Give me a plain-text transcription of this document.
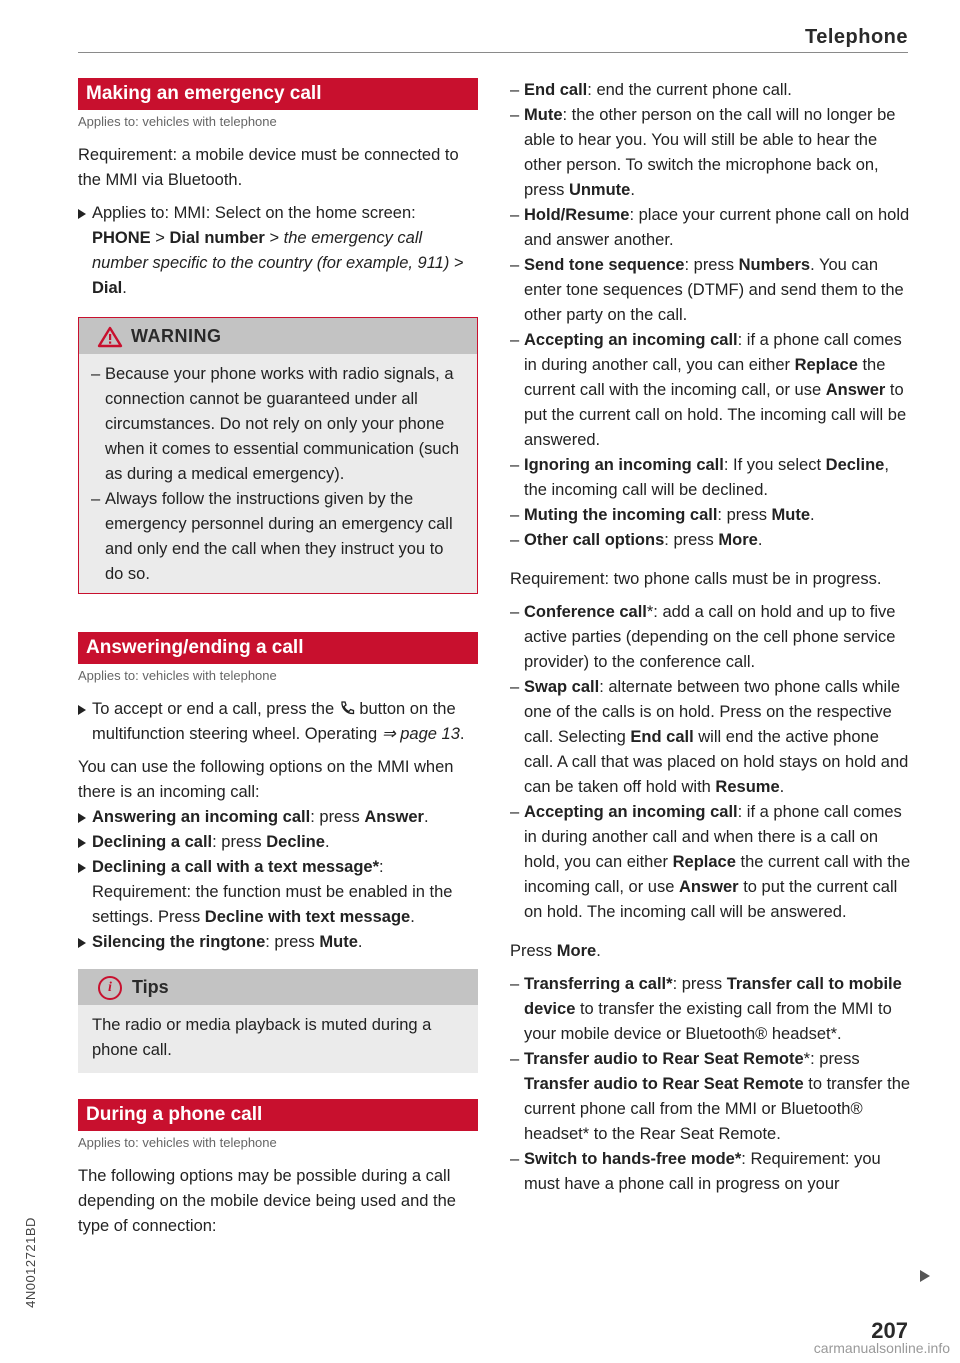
Telephone
Making an emergency call
Applies to: vehicles with telephone

Requirement: a mobile device must be connected to the MMI via Bluetooth.

Applies to: MMI: Select on the home screen: PHONE > Dial number > the emergency call number specific to the country (for example, 911) > Dial.
WARNING
– Because your phone works with radio signals, a connection cannot be guaranteed under all circumstances. Do not rely on only your phone when it comes to essential communication (such as during a medical emergency).
– Always follow the instructions given by the emergency personnel during an emergency call and only end the call when they instruct you to do so.
Answering/ending a call
Applies to: vehicles with telephone
To accept or end a call, press the button on the multifunction steering wheel. Operating ⇒ page 13.

You can use the following options on the MMI when there is an incoming call:

Answering an incoming call: press Answer.
Declining a call: press Decline.
Declining a call with a text message*: Requirement: the function must be enabled in the settings. Press Decline with text message.
Silencing the ringtone: press Mute.
i	Tips

The radio or media playback is muted during a phone call.

During a phone call
Applies to: vehicles with telephone

The following options may be possible during a call depending on the mobile device being used and the type of connection:

– End call: end the current phone call.
– Mute: the other person on the call will no longer be able to hear you. You will still be able to hear the other person. To switch the microphone back on, press Unmute.
– Hold/Resume: place your current phone call on hold and answer another.
– Send tone sequence: press Numbers. You can enter tone sequences (DTMF) and send them to the other party on the call.
– Accepting an incoming call: if a phone call comes in during another call, you can either Replace the current call with the incoming call, or use Answer to put the current call on hold. The incoming call will be answered.
– Ignoring an incoming call: If you select Decline, the incoming call will be declined.
– Muting the incoming call: press Mute.
– Other call options: press More.

Requirement: two phone calls must be in progress.

– Conference call*: add a call on hold and up to five active parties (depending on the cell phone service provider) to the conference call.
– Swap call: alternate between two phone calls while one of the calls is on hold. Press on the respective call. Selecting End call will end the active phone call. A call that was placed on hold stays on hold and can be taken off hold with Resume.
– Accepting an incoming call: if a phone call comes in during another call and when there is a call on hold, you can either Replace the current call with the incoming call, or use Answer to put the current call on hold. The incoming call will be answered.

Press More.

– Transferring a call*: press Transfer call to mobile device to transfer the existing call from the MMI to your mobile device or Bluetooth® headset*.
– Transfer audio to Rear Seat Remote*: press Transfer audio to Rear Seat Remote to transfer the current phone call from the MMI or Bluetooth® headset* to the Rear Seat Remote.
– Switch to hands-free mode*: Requirement: you must have a phone call in progress on your
4N0012721BD
207
carmanualsonline.info
